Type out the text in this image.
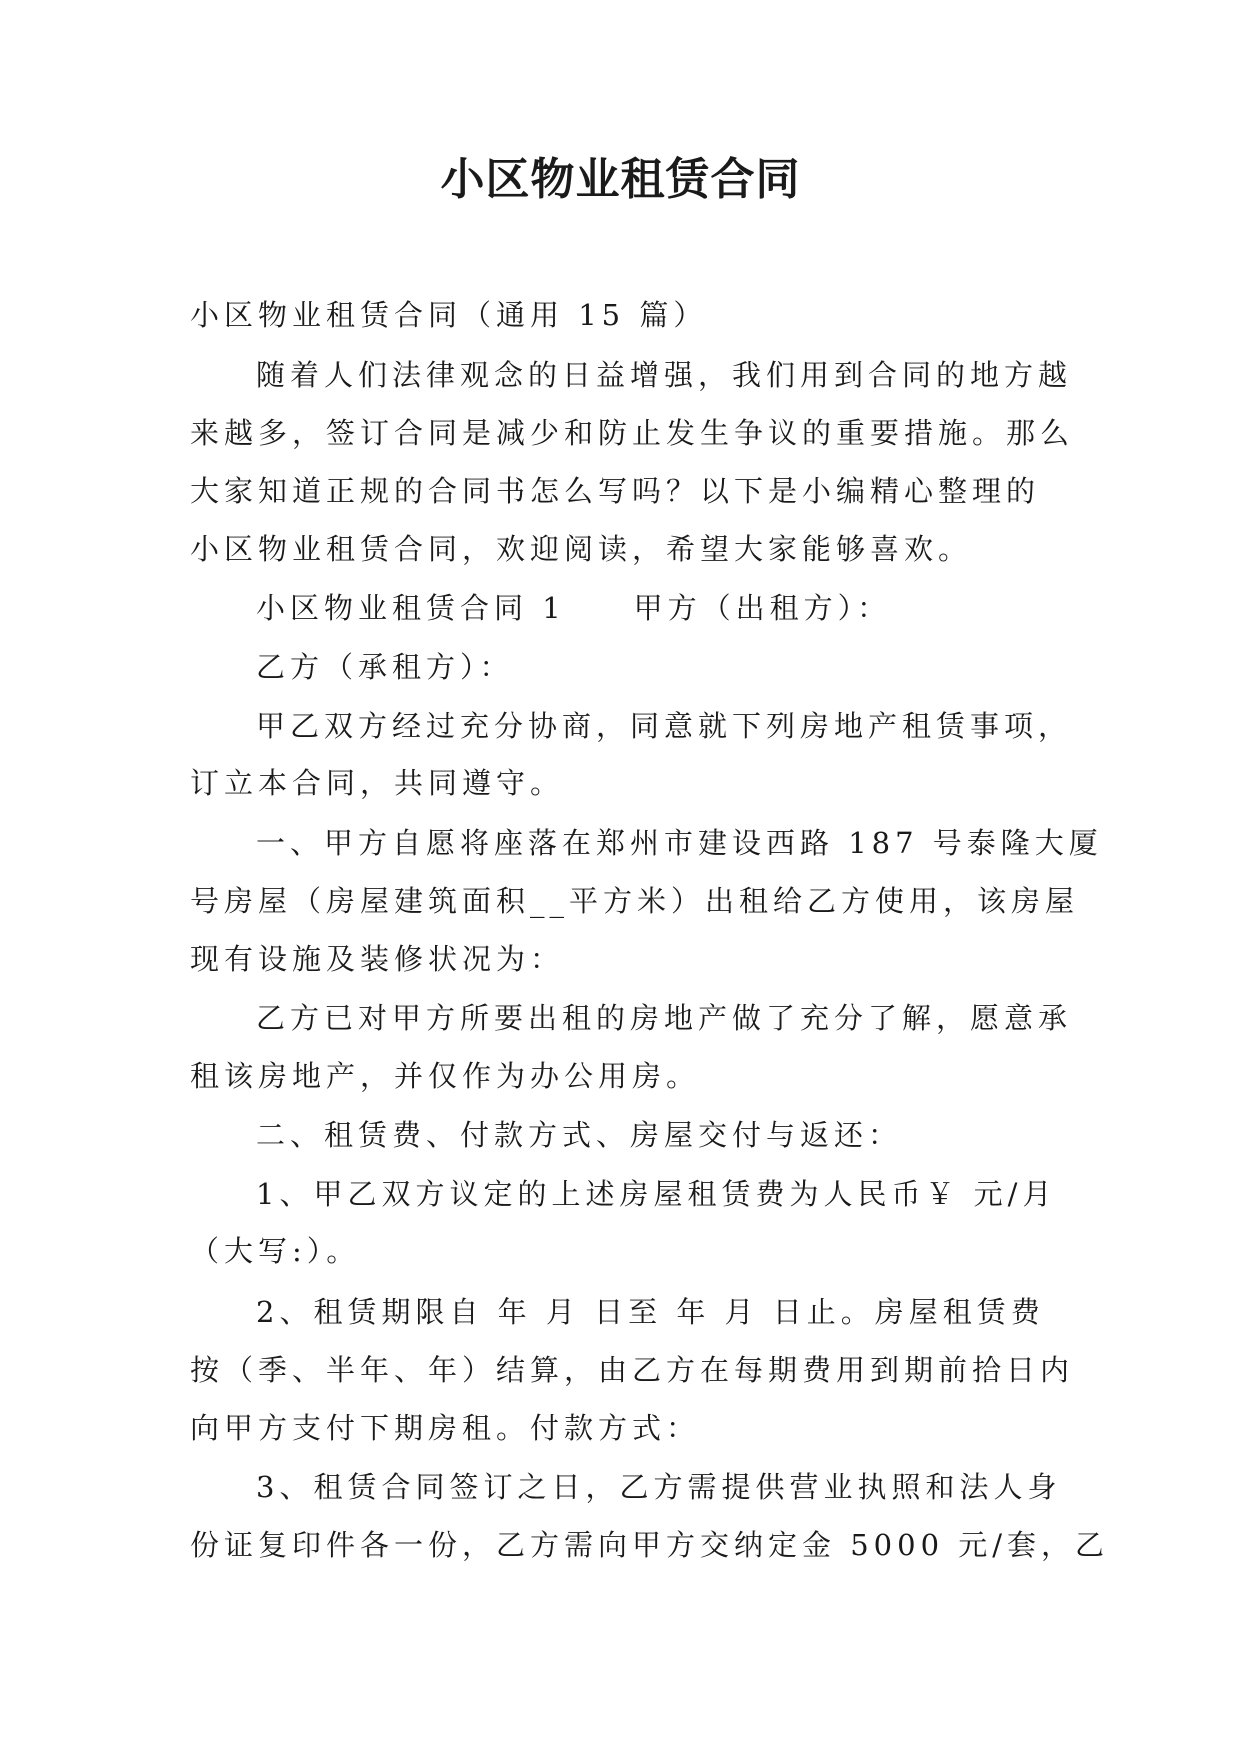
小区物业租赁合同
小区物业租赁合同（通用 15 篇）
随着人们法律观念的日益增强，我们用到合同的地方越
来越多，签订合同是减少和防止发生争议的重要措施。那么
大家知道正规的合同书怎么写吗？以下是小编精心整理的
小区物业租赁合同，欢迎阅读，希望大家能够喜欢。
小区物业租赁合同 1　　甲方（出租方）：
乙方（承租方）：
甲乙双方经过充分协商，同意就下列房地产租赁事项，
订立本合同，共同遵守。
一、甲方自愿将座落在郑州市建设西路 187 号泰隆大厦
号房屋（房屋建筑面积__平方米）出租给乙方使用，该房屋
现有设施及装修状况为：
乙方已对甲方所要出租的房地产做了充分了解，愿意承
租该房地产，并仅作为办公用房。
二、租赁费、付款方式、房屋交付与返还：
1、甲乙双方议定的上述房屋租赁费为人民币￥ 元/月
（大写:）。
2、租赁期限自 年 月 日至 年 月 日止。房屋租赁费
按（季、半年、年）结算，由乙方在每期费用到期前拾日内
向甲方支付下期房租。付款方式：
3、租赁合同签订之日，乙方需提供营业执照和法人身
份证复印件各一份，乙方需向甲方交纳定金 5000 元/套，乙
